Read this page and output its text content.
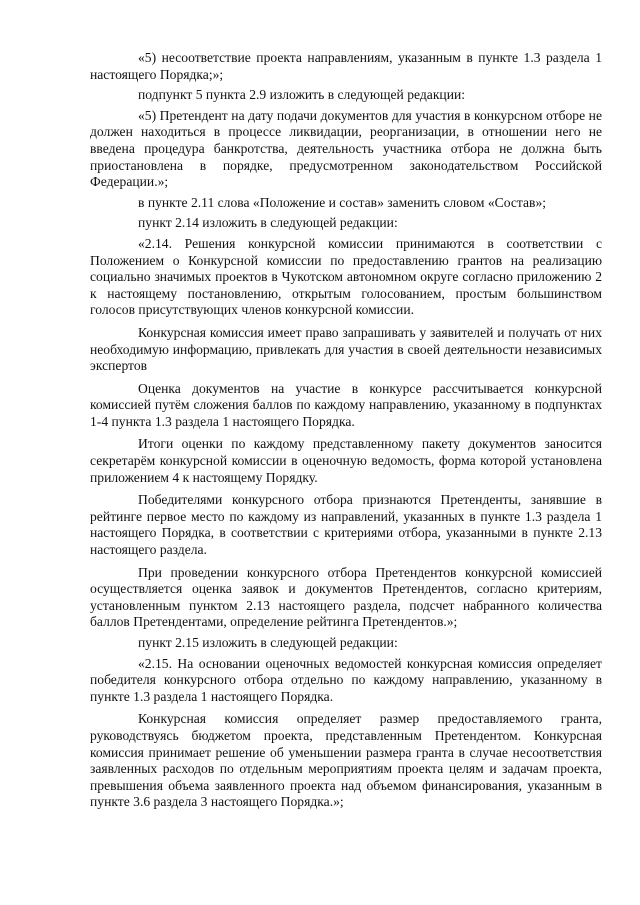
«5) несоответствие проекта направлениям, указанным в пункте 1.3 раздела 1 настоящего Порядка;»;

подпункт 5 пункта 2.9 изложить в следующей редакции:

«5) Претендент на дату подачи документов для участия в конкурсном отборе не должен находиться в процессе ликвидации, реорганизации, в отношении него не введена процедура банкротства, деятельность участника отбора не должна быть приостановлена в порядке, предусмотренном законодательством Российской Федерации.»;

в пункте 2.11 слова «Положение и состав» заменить словом «Состав»;

пункт 2.14 изложить в следующей редакции:

«2.14. Решения конкурсной комиссии принимаются в соответствии с Положением о Конкурсной комиссии по предоставлению грантов на реализацию социально значимых проектов в Чукотском автономном округе согласно приложению 2 к настоящему постановлению, открытым голосованием, простым большинством голосов присутствующих членов конкурсной комиссии.

Конкурсная комиссия имеет право запрашивать у заявителей и получать от них необходимую информацию, привлекать для участия в своей деятельности независимых экспертов

Оценка документов на участие в конкурсе рассчитывается конкурсной комиссией путём сложения баллов по каждому направлению, указанному в подпунктах 1-4 пункта 1.3 раздела 1 настоящего Порядка.

Итоги оценки по каждому представленному пакету документов заносится секретарём конкурсной комиссии в оценочную ведомость, форма которой установлена приложением 4 к настоящему Порядку.

Победителями конкурсного отбора признаются Претенденты, занявшие в рейтинге первое место по каждому из направлений, указанных в пункте 1.3 раздела 1 настоящего Порядка, в соответствии с критериями отбора, указанными в пункте 2.13 настоящего раздела.

При проведении конкурсного отбора Претендентов конкурсной комиссией осуществляется оценка заявок и документов Претендентов, согласно критериям, установленным пунктом 2.13 настоящего раздела, подсчет набранного количества баллов Претендентами, определение рейтинга Претендентов.»;

пункт 2.15 изложить в следующей редакции:

«2.15. На основании оценочных ведомостей конкурсная комиссия определяет победителя конкурсного отбора отдельно по каждому направлению, указанному в пункте 1.3 раздела 1 настоящего Порядка.

Конкурсная комиссия определяет размер предоставляемого гранта, руководствуясь бюджетом проекта, представленным Претендентом. Конкурсная комиссия принимает решение об уменьшении размера гранта в случае несоответствия заявленных расходов по отдельным мероприятиям проекта целям и задачам проекта, превышения объема заявленного проекта над объемом финансирования, указанным в пункте 3.6 раздела 3 настоящего Порядка.»;
